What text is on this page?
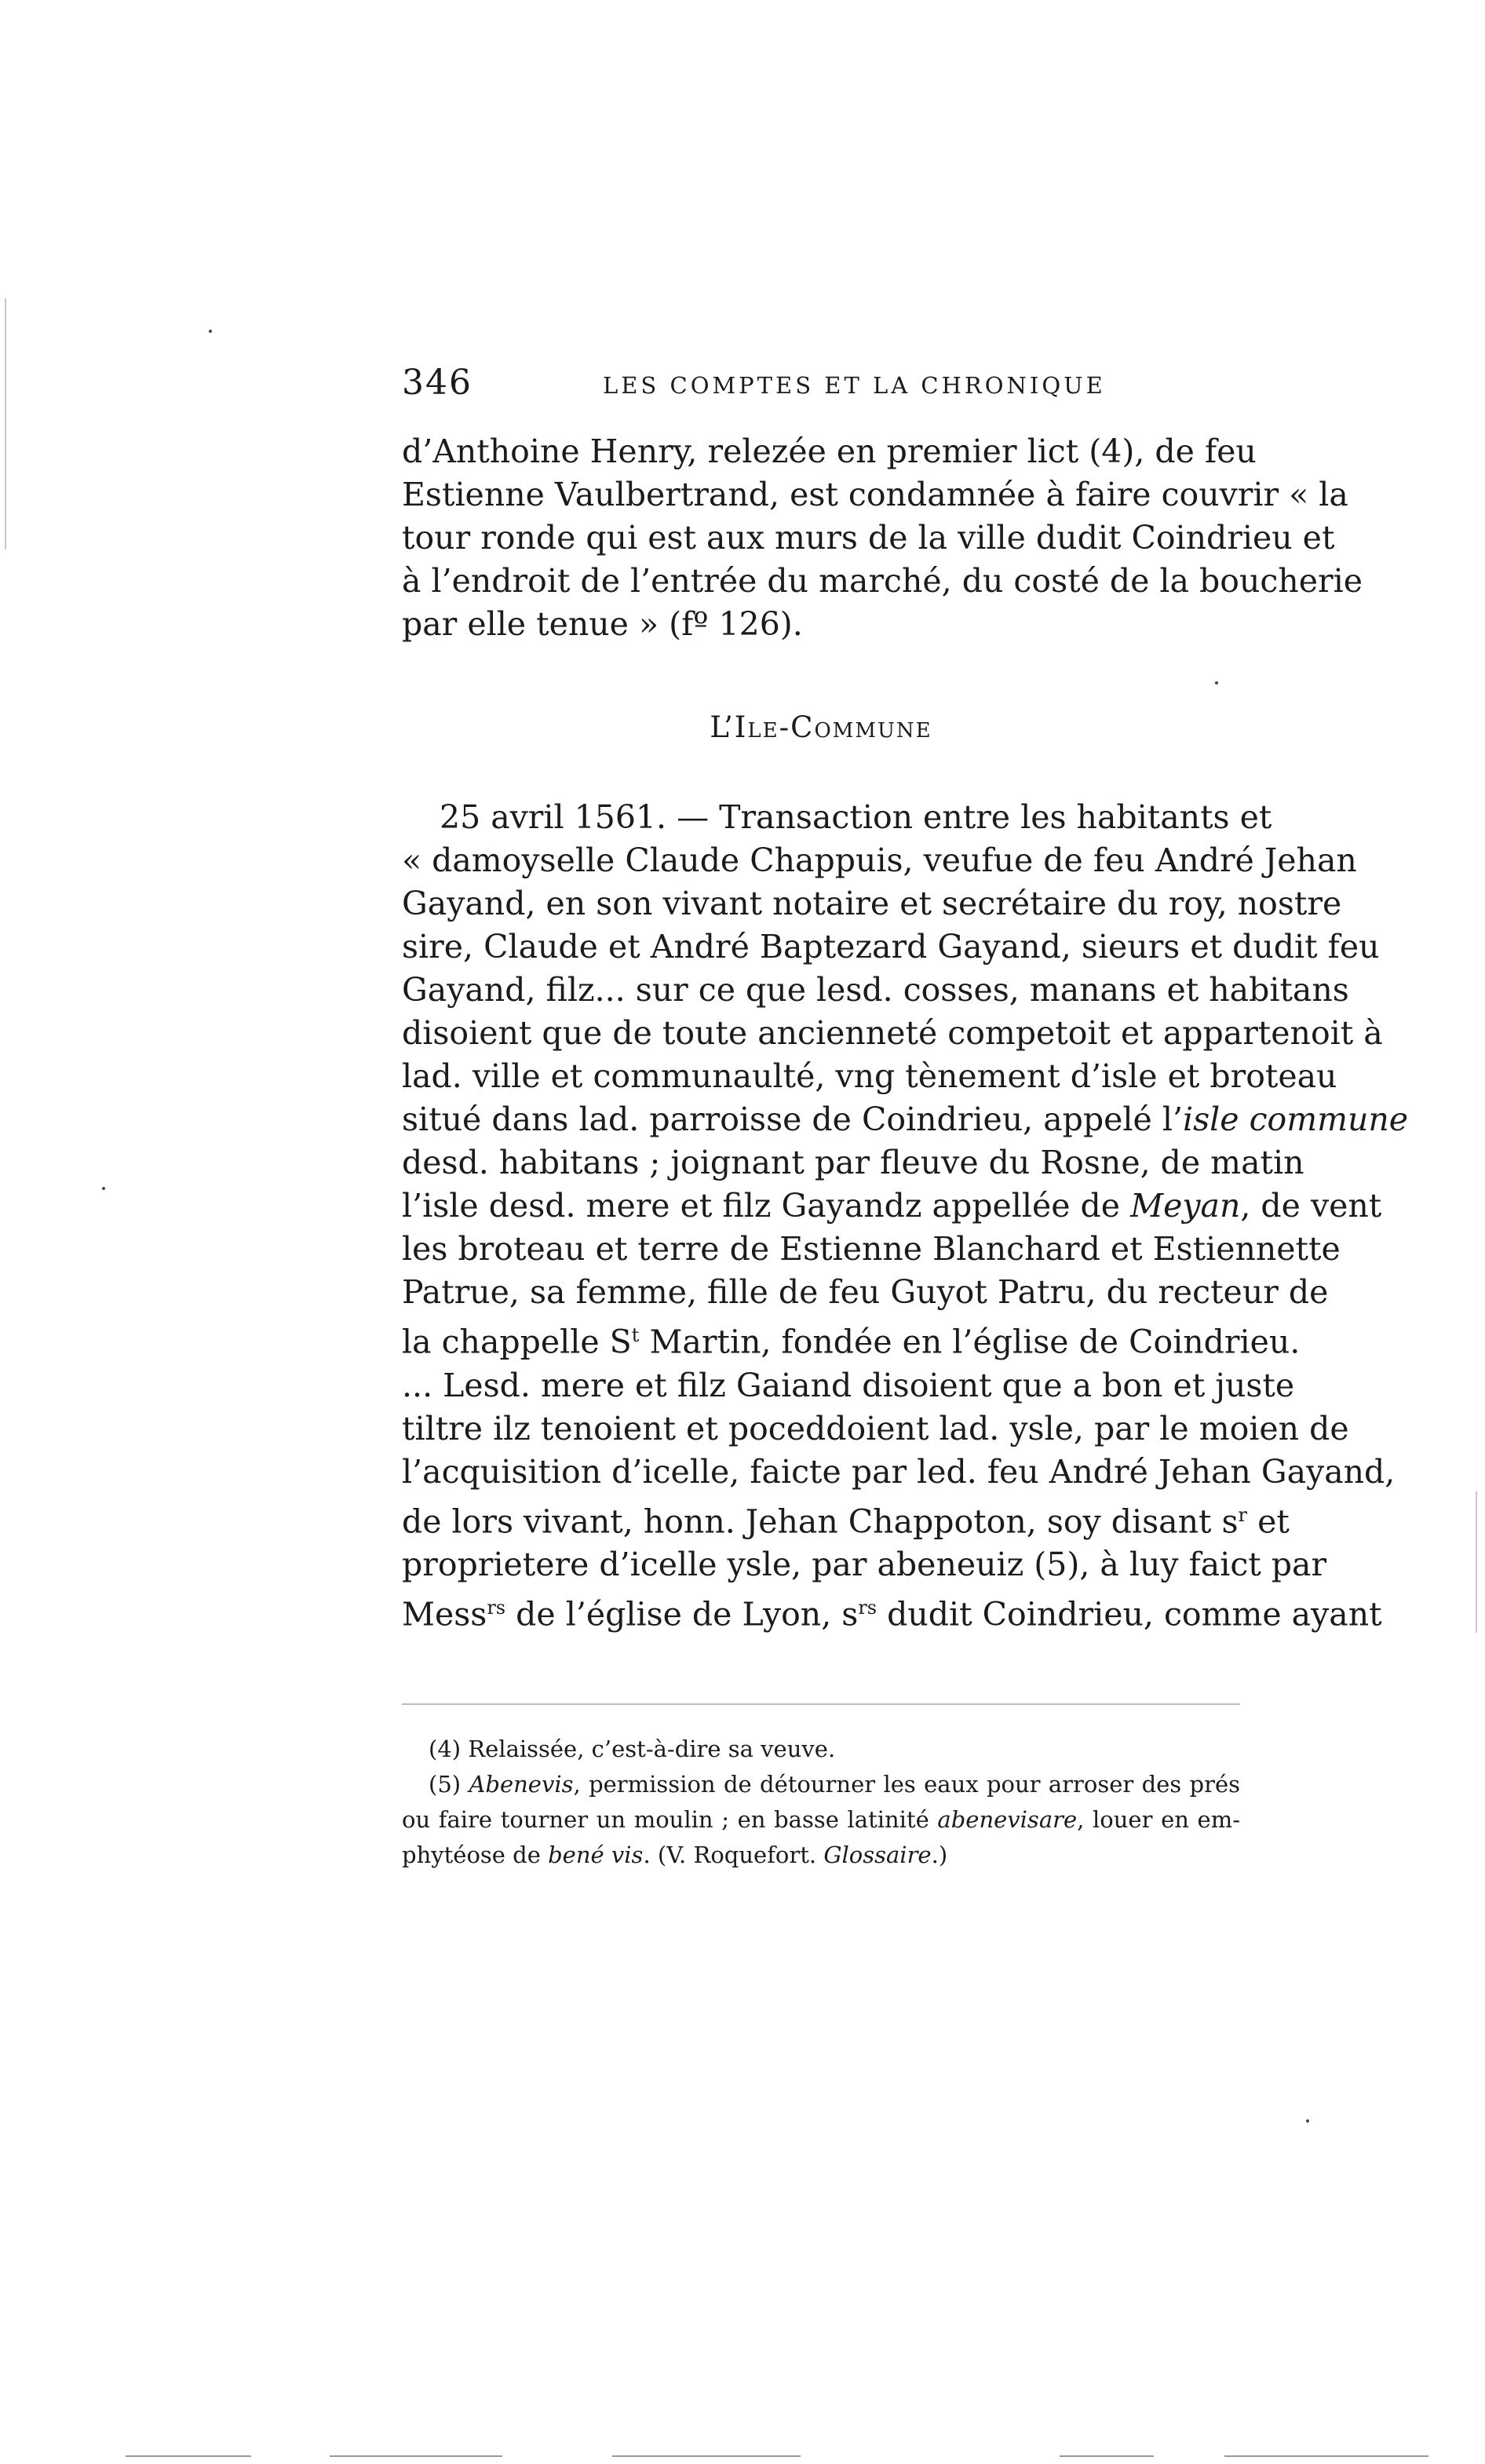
346	LES COMPTES ET LA CHRONIQUE
d’Anthoine Henry, relezée en premier lict (4), de feu
Estienne Vaulbertrand, est condamnée à faire couvrir « la
tour ronde qui est aux murs de la ville dudit Coindrieu et
à l’endroit de l’entrée du marché, du costé de la boucherie
par elle tenue » (fº 126).
L’Ile-Commune
25 avril 1561. — Transaction entre les habitants et
« damoyselle Claude Chappuis, veufue de feu André Jehan
Gayand, en son vivant notaire et secrétaire du roy, nostre
sire, Claude et André Baptezard Gayand, sieurs et dudit feu
Gayand, filz... sur ce que lesd. cosses, manans et habitans
disoient que de toute ancienneté competoit et appartenoit à
lad. ville et communaulté, vng tènement d’isle et broteau
situé dans lad. parroisse de Coindrieu, appelé l’isle commune
desd. habitans ; joignant par fleuve du Rosne, de matin
l’isle desd. mere et filz Gayandz appellée de Meyan, de vent
les broteau et terre de Estienne Blanchard et Estiennette
Patrue, sa femme, fille de feu Guyot Patru, du recteur de
la chappelle $S^t$ Martin, fondée en l’église de Coindrieu.
... Lesd. mere et filz Gaiand disoient que a bon et juste
tiltre ilz tenoient et poceddoient lad. ysle, par le moien de
l’acquisition d’icelle, faicte par led. feu André Jehan Gayand,
de lors vivant, honn. Jehan Chappoton, soy disant $s^r$ et
proprietere d’icelle ysle, par abeneuiz (5), à luy faict par
Mess$^{rs}$ de l’église de Lyon, $s^{rs}$ dudit Coindrieu, comme ayant
(4) Relaissée, c’est-à-dire sa veuve.
(5) Abenevis, permission de détourner les eaux pour arroser des prés
ou faire tourner un moulin ; en basse latinité abenevisare, louer en em-
phytéose de bené vis. (V. Roquefort. Glossaire.)
